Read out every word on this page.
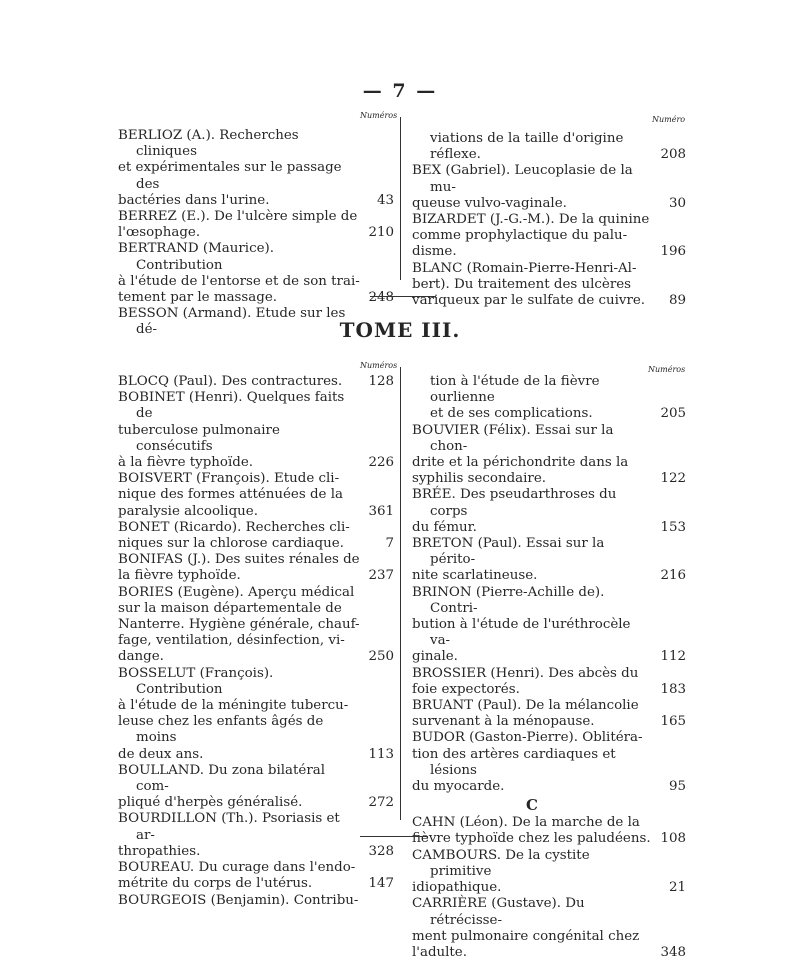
— 7 —
Numéros	Numéro
BERLIOZ (A.). Recherches cliniques
et expérimentales sur le passage des
bactéries dans l'urine.	43
BERREZ (E.). De l'ulcère simple de
l'œsophage.	210
BERTRAND (Maurice). Contribution
à l'étude de l'entorse et de son trai-
tement par le massage.	248
BESSON (Armand). Etude sur les dé-
viations de la taille d'origine réflexe.	208
BEX (Gabriel). Leucoplasie de la mu-
queuse vulvo-vaginale.	30
BIZARDET (J.-G.-M.). De la quinine
comme prophylactique du palu-
disme.	196
BLANC (Romain-Pierre-Henri-Al-
bert). Du traitement des ulcères
variqueux par le sulfate de cuivre.	89
TOME III.
Numéros	Numéros
BLOCQ (Paul). Des contractures.	128
BOBINET (Henri). Quelques faits de
tuberculose pulmonaire consécutifs
à la fièvre typhoïde.	226
BOISVERT (François). Etude cli-
nique des formes atténuées de la
paralysie alcoolique.	361
BONET (Ricardo). Recherches cli-
niques sur la chlorose cardiaque.	7
BONIFAS (J.). Des suites rénales de
la fièvre typhoïde.	237
BORIES (Eugène). Aperçu médical
sur la maison départementale de
Nanterre. Hygiène générale, chauf-
fage, ventilation, désinfection, vi-
dange.	250
BOSSELUT (François). Contribution
à l'étude de la méningite tubercu-
leuse chez les enfants âgés de moins
de deux ans.	113
BOULLAND. Du zona bilatéral com-
pliqué d'herpès généralisé.	272
BOURDILLON (Th.). Psoriasis et ar-
thropathies.	328
BOUREAU. Du curage dans l'endo-
métrite du corps de l'utérus.	147
BOURGEOIS (Benjamin). Contribu-
tion à l'étude de la fièvre ourlienne
et de ses complications.	205
BOUVIER (Félix). Essai sur la chon-
drite et la périchondrite dans la
syphilis secondaire.	122
BRÉE. Des pseudarthroses du corps
du fémur.	153
BRETON (Paul). Essai sur la périto-
nite scarlatineuse.	216
BRINON (Pierre-Achille de). Contri-
bution à l'étude de l'uréthrocèle va-
ginale.	112
BROSSIER (Henri). Des abcès du
foie expectorés.	183
BRUANT (Paul). De la mélancolie
survenant à la ménopause.	165
BUDOR (Gaston-Pierre). Oblitéra-
tion des artères cardiaques et lésions
du myocarde.	95
C
CAHN (Léon). De la marche de la
fièvre typhoïde chez les paludéens. 108
CAMBOURS. De la cystite primitive
idiopathique.	21
CARRIÈRE (Gustave). Du rétrécisse-
ment pulmonaire congénital chez
l'adulte.	348
